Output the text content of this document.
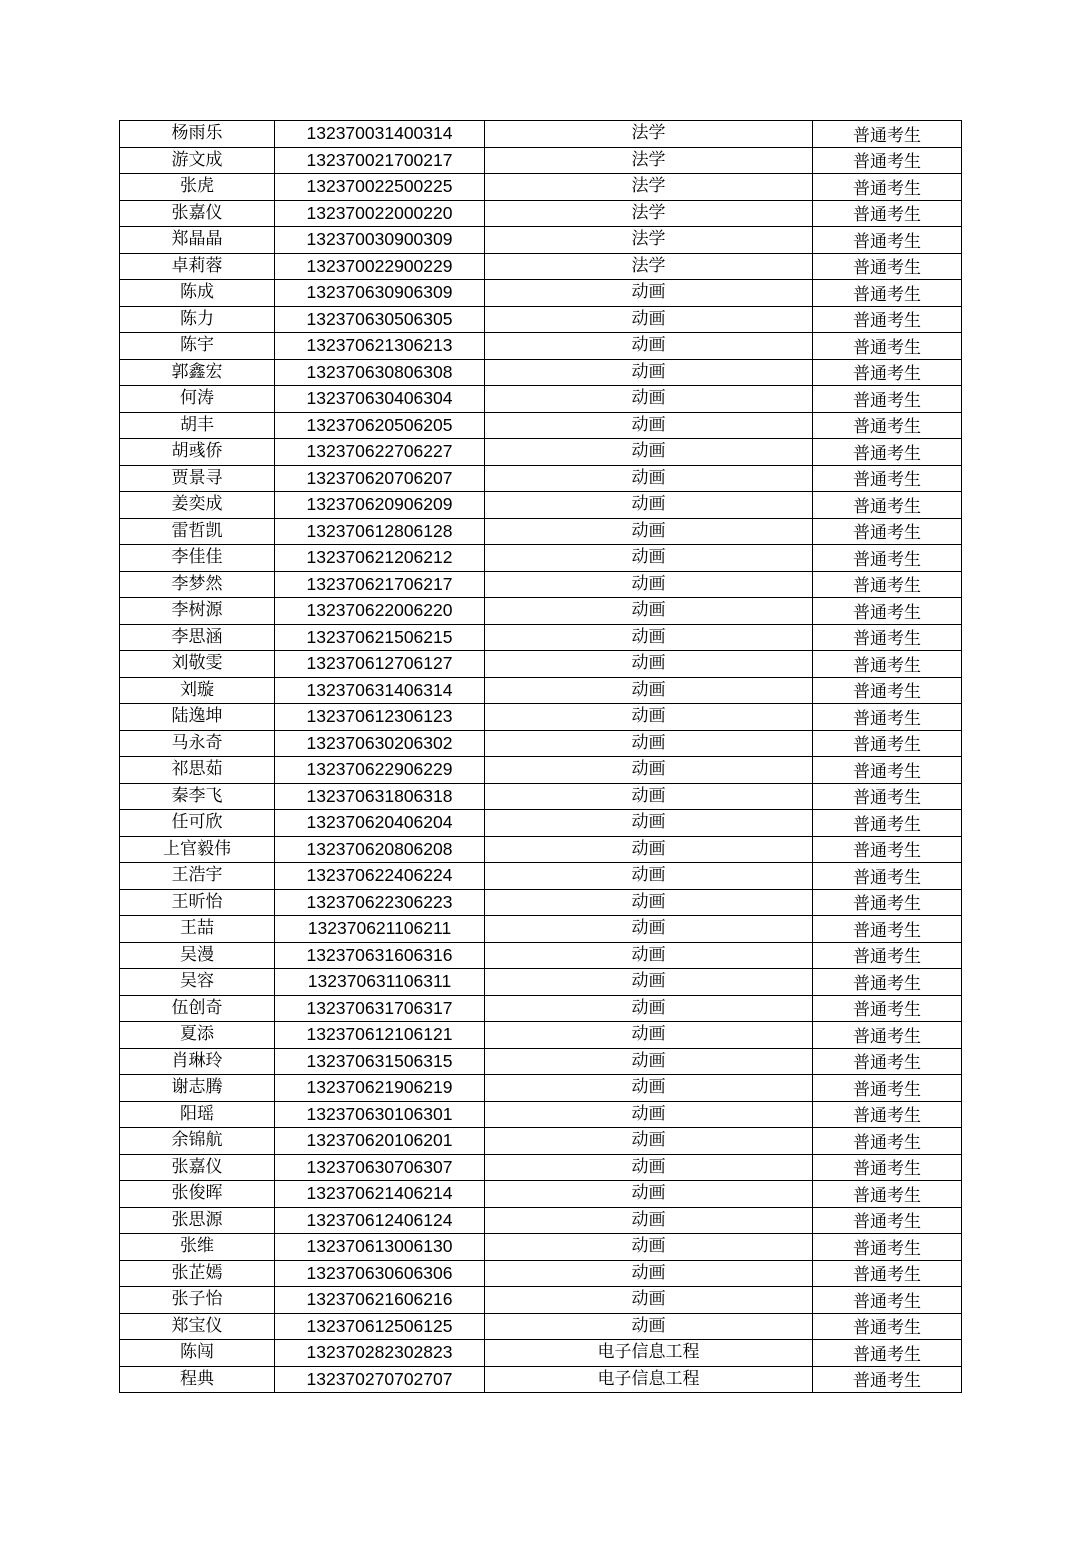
杨雨乐	132370031400314	法学	普通考生
游文成	132370021700217	法学	普通考生
张虎	132370022500225	法学	普通考生
张嘉仪	132370022000220	法学	普通考生
郑晶晶	132370030900309	法学	普通考生
卓莉蓉	132370022900229	法学	普通考生
陈成	132370630906309	动画	普通考生
陈力	132370630506305	动画	普通考生
陈宇	132370621306213	动画	普通考生
郭鑫宏	132370630806308	动画	普通考生
何涛	132370630406304	动画	普通考生
胡丰	132370620506205	动画	普通考生
胡彧侨	132370622706227	动画	普通考生
贾景寻	132370620706207	动画	普通考生
姜奕成	132370620906209	动画	普通考生
雷哲凯	132370612806128	动画	普通考生
李佳佳	132370621206212	动画	普通考生
李梦然	132370621706217	动画	普通考生
李树源	132370622006220	动画	普通考生
李思涵	132370621506215	动画	普通考生
刘敬雯	132370612706127	动画	普通考生
刘璇	132370631406314	动画	普通考生
陆逸坤	132370612306123	动画	普通考生
马永奇	132370630206302	动画	普通考生
祁思茹	132370622906229	动画	普通考生
秦李飞	132370631806318	动画	普通考生
任可欣	132370620406204	动画	普通考生
上官毅伟	132370620806208	动画	普通考生
王浩宇	132370622406224	动画	普通考生
王昕怡	132370622306223	动画	普通考生
王喆	132370621106211	动画	普通考生
吴漫	132370631606316	动画	普通考生
吴容	132370631106311	动画	普通考生
伍创奇	132370631706317	动画	普通考生
夏添	132370612106121	动画	普通考生
肖琳玲	132370631506315	动画	普通考生
谢志腾	132370621906219	动画	普通考生
阳瑶	132370630106301	动画	普通考生
余锦航	132370620106201	动画	普通考生
张嘉仪	132370630706307	动画	普通考生
张俊晖	132370621406214	动画	普通考生
张思源	132370612406124	动画	普通考生
张维	132370613006130	动画	普通考生
张芷嫣	132370630606306	动画	普通考生
张子怡	132370621606216	动画	普通考生
郑宝仪	132370612506125	动画	普通考生
陈闯	132370282302823	电子信息工程	普通考生
程典	132370270702707	电子信息工程	普通考生
